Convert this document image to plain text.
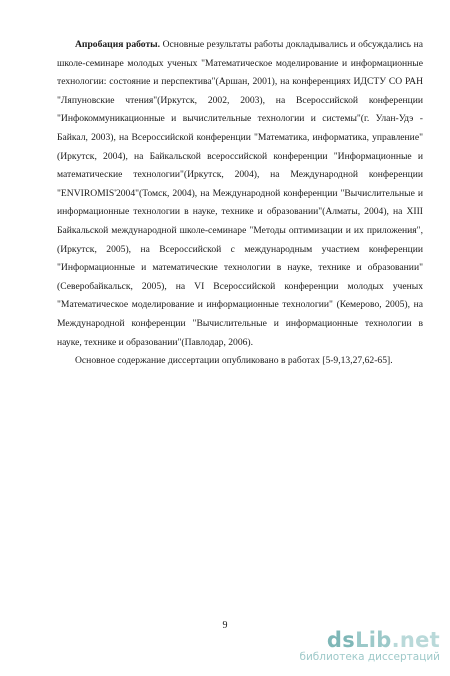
Апробация работы. Основные результаты работы докладывались и обсуждались на школе-семинаре молодых ученых "Математическое моделирование и информационные технологии: состояние и перспектива"(Аршан, 2001), на конференциях ИДСТУ СО РАН "Ляпуновские чтения"(Иркутск, 2002, 2003), на Всероссийской конференции "Инфокоммуникационные и вычислительные технологии и системы"(г. Улан-Удэ - Байкал, 2003), на Всероссийской конференции "Математика, информатика, управление"(Иркутск, 2004), на Байкальской всероссийской конференции "Информационные и математические технологии"(Иркутск, 2004), на Международной конференции "ENVIROMIS'2004"(Томск, 2004), на Международной конференции "Вычислительные и информационные технологии в науке, технике и образовании"(Алматы, 2004), на XIII Байкальской международной школе-семинаре "Методы оптимизации и их приложения", (Иркутск, 2005), на Всероссийской с международным участием конференции "Информационные и математические технологии в науке, технике и образовании"(Северобайкальск, 2005), на VI Всероссийской конференции молодых ученых "Математическое моделирование и информационные технологии" (Кемерово, 2005), на Международной конференции "Вычислительные и информационные технологии в науке, технике и образовании"(Павлодар, 2006).

Основное содержание диссертации опубликовано в работах [5-9,13,27,62-65].

9
dsLib.net
библиотека диссертаций
